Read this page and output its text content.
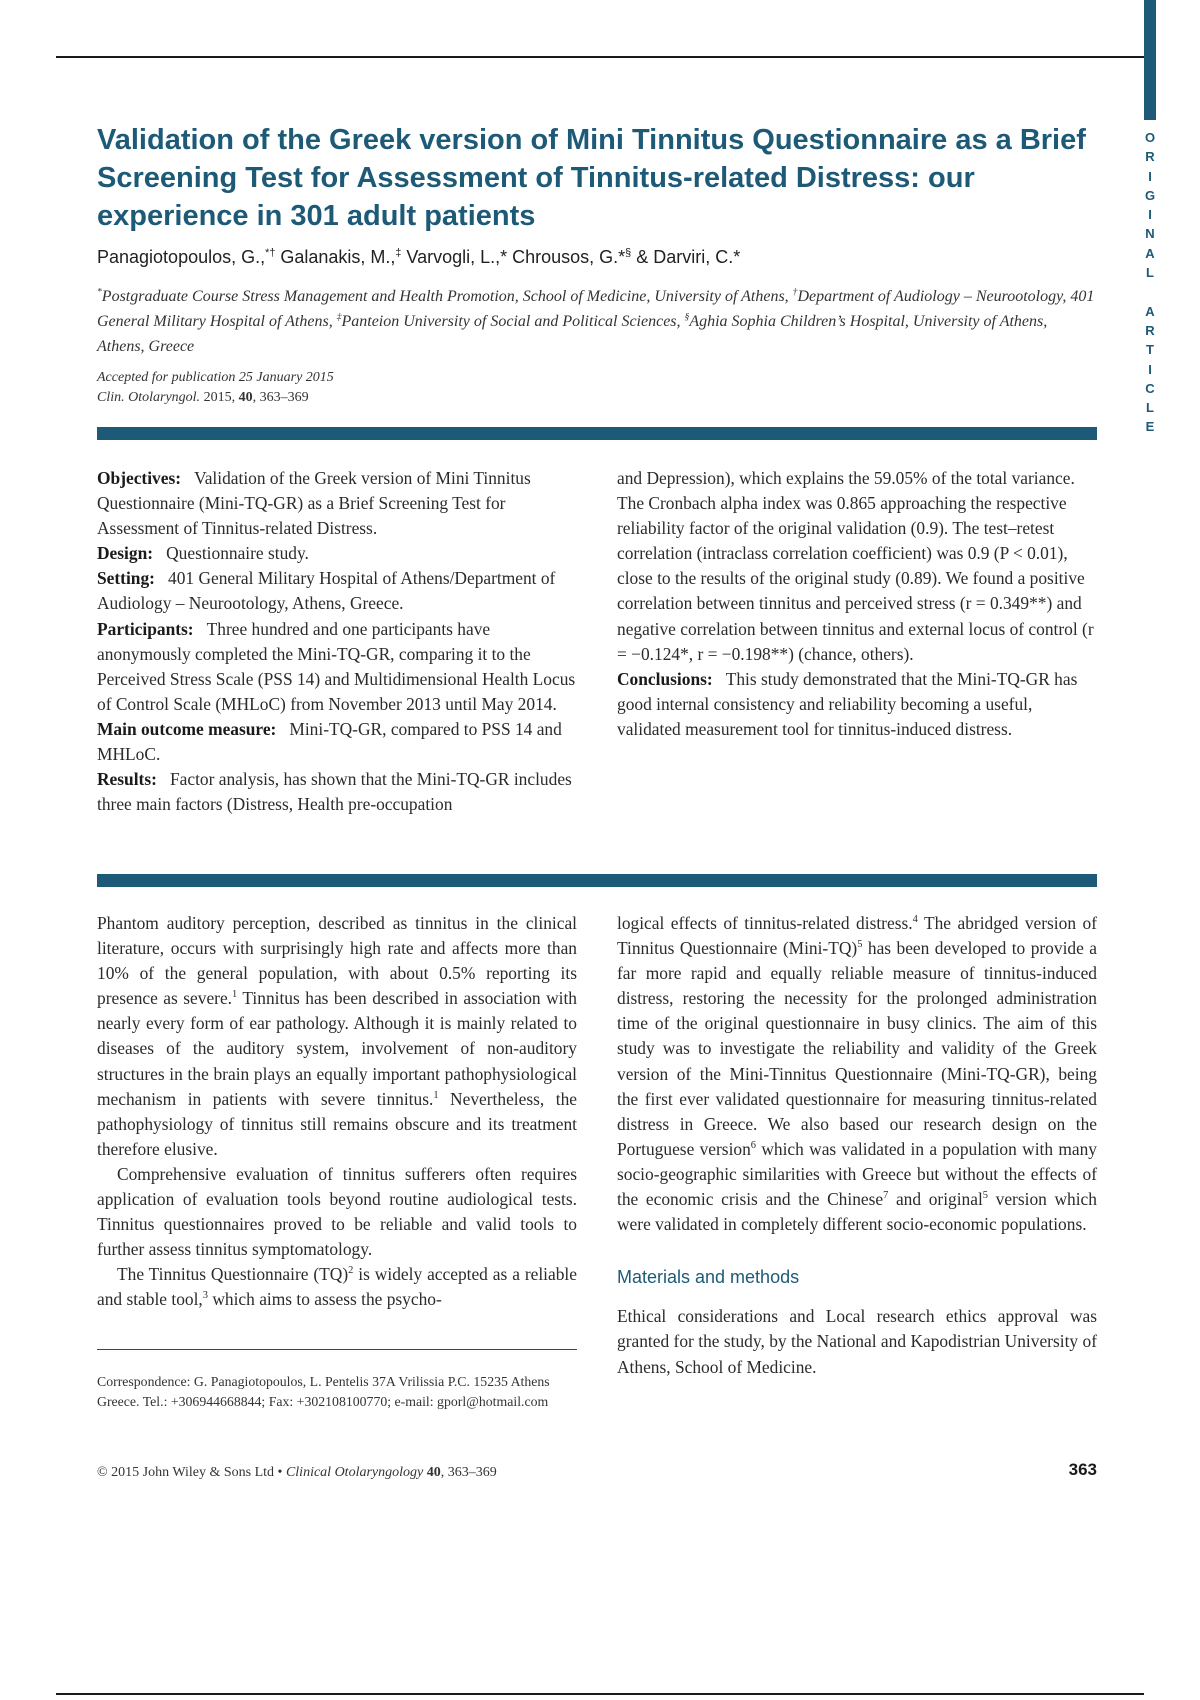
O
R
I
G
I
N
A
L

A
R
T
I
C
L
E
Validation of the Greek version of Mini Tinnitus Questionnaire as a Brief Screening Test for Assessment of Tinnitus-related Distress: our experience in 301 adult patients
Panagiotopoulos, G.,*† Galanakis, M.,‡ Varvogli, L.,* Chrousos, G.*§ & Darviri, C.*
*Postgraduate Course Stress Management and Health Promotion, School of Medicine, University of Athens, †Department of Audiology – Neurootology, 401 General Military Hospital of Athens, ‡Panteion University of Social and Political Sciences, §Aghia Sophia Children’s Hospital, University of Athens, Athens, Greece
Accepted for publication 25 January 2015
Clin. Otolaryngol. 2015, 40, 363–369

Objectives: Validation of the Greek version of Mini Tinnitus Questionnaire (Mini-TQ-GR) as a Brief Screening Test for Assessment of Tinnitus-related Distress.

Design: Questionnaire study.

Setting: 401 General Military Hospital of Athens/Department of Audiology – Neurootology, Athens, Greece.

Participants: Three hundred and one participants have anonymously completed the Mini-TQ-GR, comparing it to the Perceived Stress Scale (PSS 14) and Multidimensional Health Locus of Control Scale (MHLoC) from November 2013 until May 2014.

Main outcome measure: Mini-TQ-GR, compared to PSS 14 and MHLoC.

Results: Factor analysis, has shown that the Mini-TQ-GR includes three main factors (Distress, Health pre-occupation

and Depression), which explains the 59.05% of the total variance. The Cronbach alpha index was 0.865 approaching the respective reliability factor of the original validation (0.9). The test–retest correlation (intraclass correlation coefficient) was 0.9 (P < 0.01), close to the results of the original study (0.89). We found a positive correlation between tinnitus and perceived stress (r = 0.349**) and negative correlation between tinnitus and external locus of control (r = −0.124*, r = −0.198**) (chance, others).

Conclusions: This study demonstrated that the Mini-TQ-GR has good internal consistency and reliability becoming a useful, validated measurement tool for tinnitus-induced distress.

Phantom auditory perception, described as tinnitus in the clinical literature, occurs with surprisingly high rate and affects more than 10% of the general population, with about 0.5% reporting its presence as severe.$^1$ Tinnitus has been described in association with nearly every form of ear pathology. Although it is mainly related to diseases of the auditory system, involvement of non-auditory structures in the brain plays an equally important pathophysiological mechanism in patients with severe tinnitus.$^1$ Nevertheless, the pathophysiology of tinnitus still remains obscure and its treatment therefore elusive.

Comprehensive evaluation of tinnitus sufferers often requires application of evaluation tools beyond routine audiological tests. Tinnitus questionnaires proved to be reliable and valid tools to further assess tinnitus symptomatology.

The Tinnitus Questionnaire (TQ)$^2$ is widely accepted as a reliable and stable tool,$^3$ which aims to assess the psycho-

logical effects of tinnitus-related distress.$^4$ The abridged version of Tinnitus Questionnaire (Mini-TQ)$^5$ has been developed to provide a far more rapid and equally reliable measure of tinnitus-induced distress, restoring the necessity for the prolonged administration time of the original questionnaire in busy clinics. The aim of this study was to investigate the reliability and validity of the Greek version of the Mini-Tinnitus Questionnaire (Mini-TQ-GR), being the first ever validated questionnaire for measuring tinnitus-related distress in Greece. We also based our research design on the Portuguese version$^6$ which was validated in a population with many socio-geographic similarities with Greece but without the effects of the economic crisis and the Chinese$^7$ and original$^5$ version which were validated in completely different socio-economic populations.

Materials and methods

Ethical considerations and Local research ethics approval was granted for the study, by the National and Kapodistrian University of Athens, School of Medicine.

Correspondence: G. Panagiotopoulos, L. Pentelis 37A Vrilissia P.C. 15235 Athens Greece. Tel.: +306944668844; Fax: +302108100770; e-mail: gporl@hotmail.com
© 2015 John Wiley & Sons Ltd • Clinical Otolaryngology 40, 363–369	363
